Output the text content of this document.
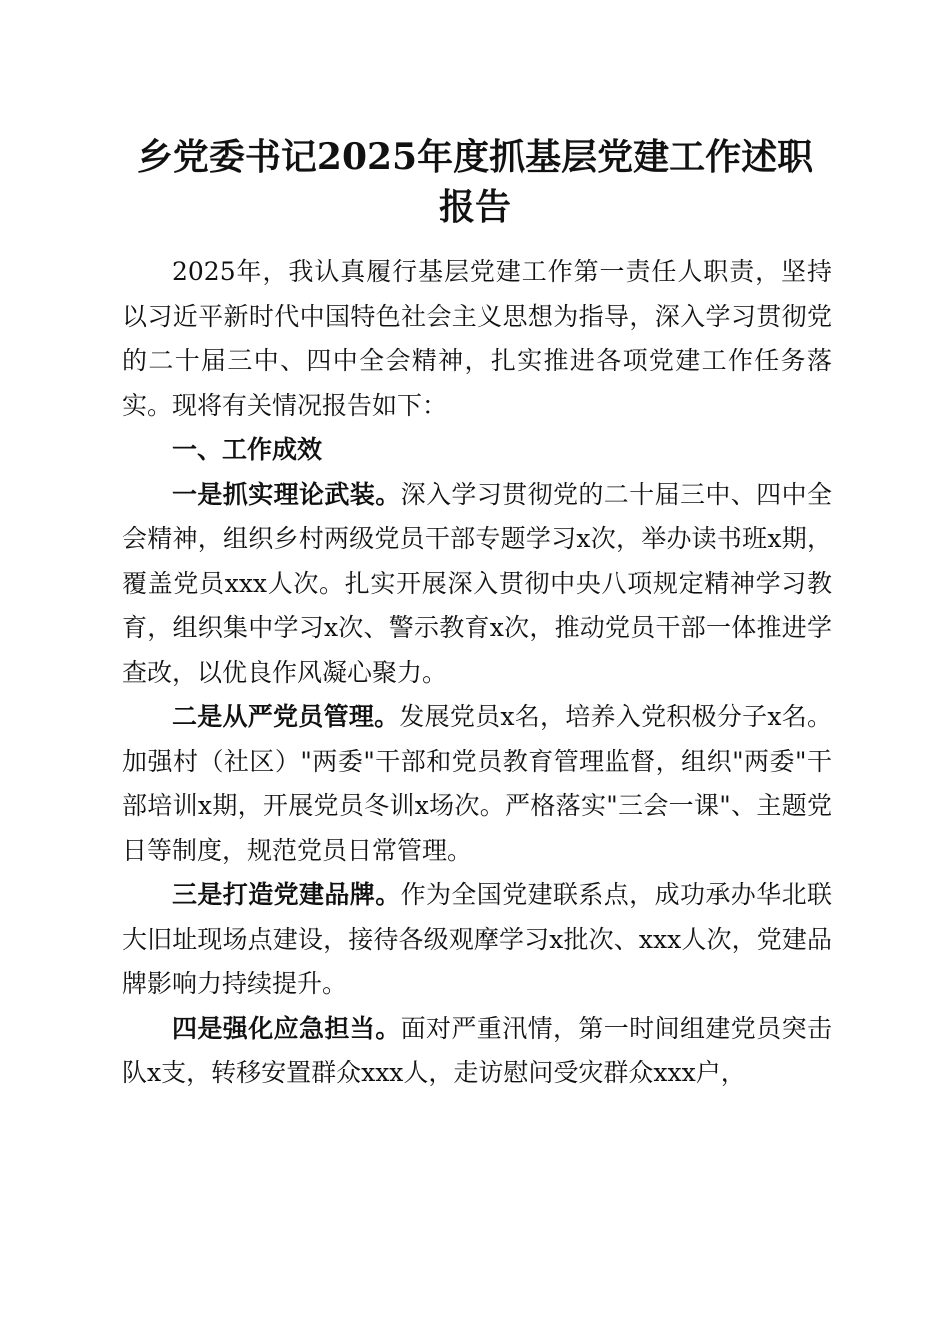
乡党委书记2025年度抓基层党建工作述职报告

2025年，我认真履行基层党建工作第一责任人职责，坚持以习近平新时代中国特色社会主义思想为指导，深入学习贯彻党的二十届三中、四中全会精神，扎实推进各项党建工作任务落实。现将有关情况报告如下：

一、工作成效

一是抓实理论武装。深入学习贯彻党的二十届三中、四中全会精神，组织乡村两级党员干部专题学习x次，举办读书班x期，覆盖党员xxx人次。扎实开展深入贯彻中央八项规定精神学习教育，组织集中学习x次、警示教育x次，推动党员干部一体推进学查改，以优良作风凝心聚力。

二是从严党员管理。发展党员x名，培养入党积极分子x名。加强村（社区）"两委"干部和党员教育管理监督，组织"两委"干部培训x期，开展党员冬训x场次。严格落实"三会一课"、主题党日等制度，规范党员日常管理。

三是打造党建品牌。作为全国党建联系点，成功承办华北联大旧址现场点建设，接待各级观摩学习x批次、xxx人次，党建品牌影响力持续提升。

四是强化应急担当。面对严重汛情，第一时间组建党员突击队x支，转移安置群众xxx人，走访慰问受灾群众xxx户，
